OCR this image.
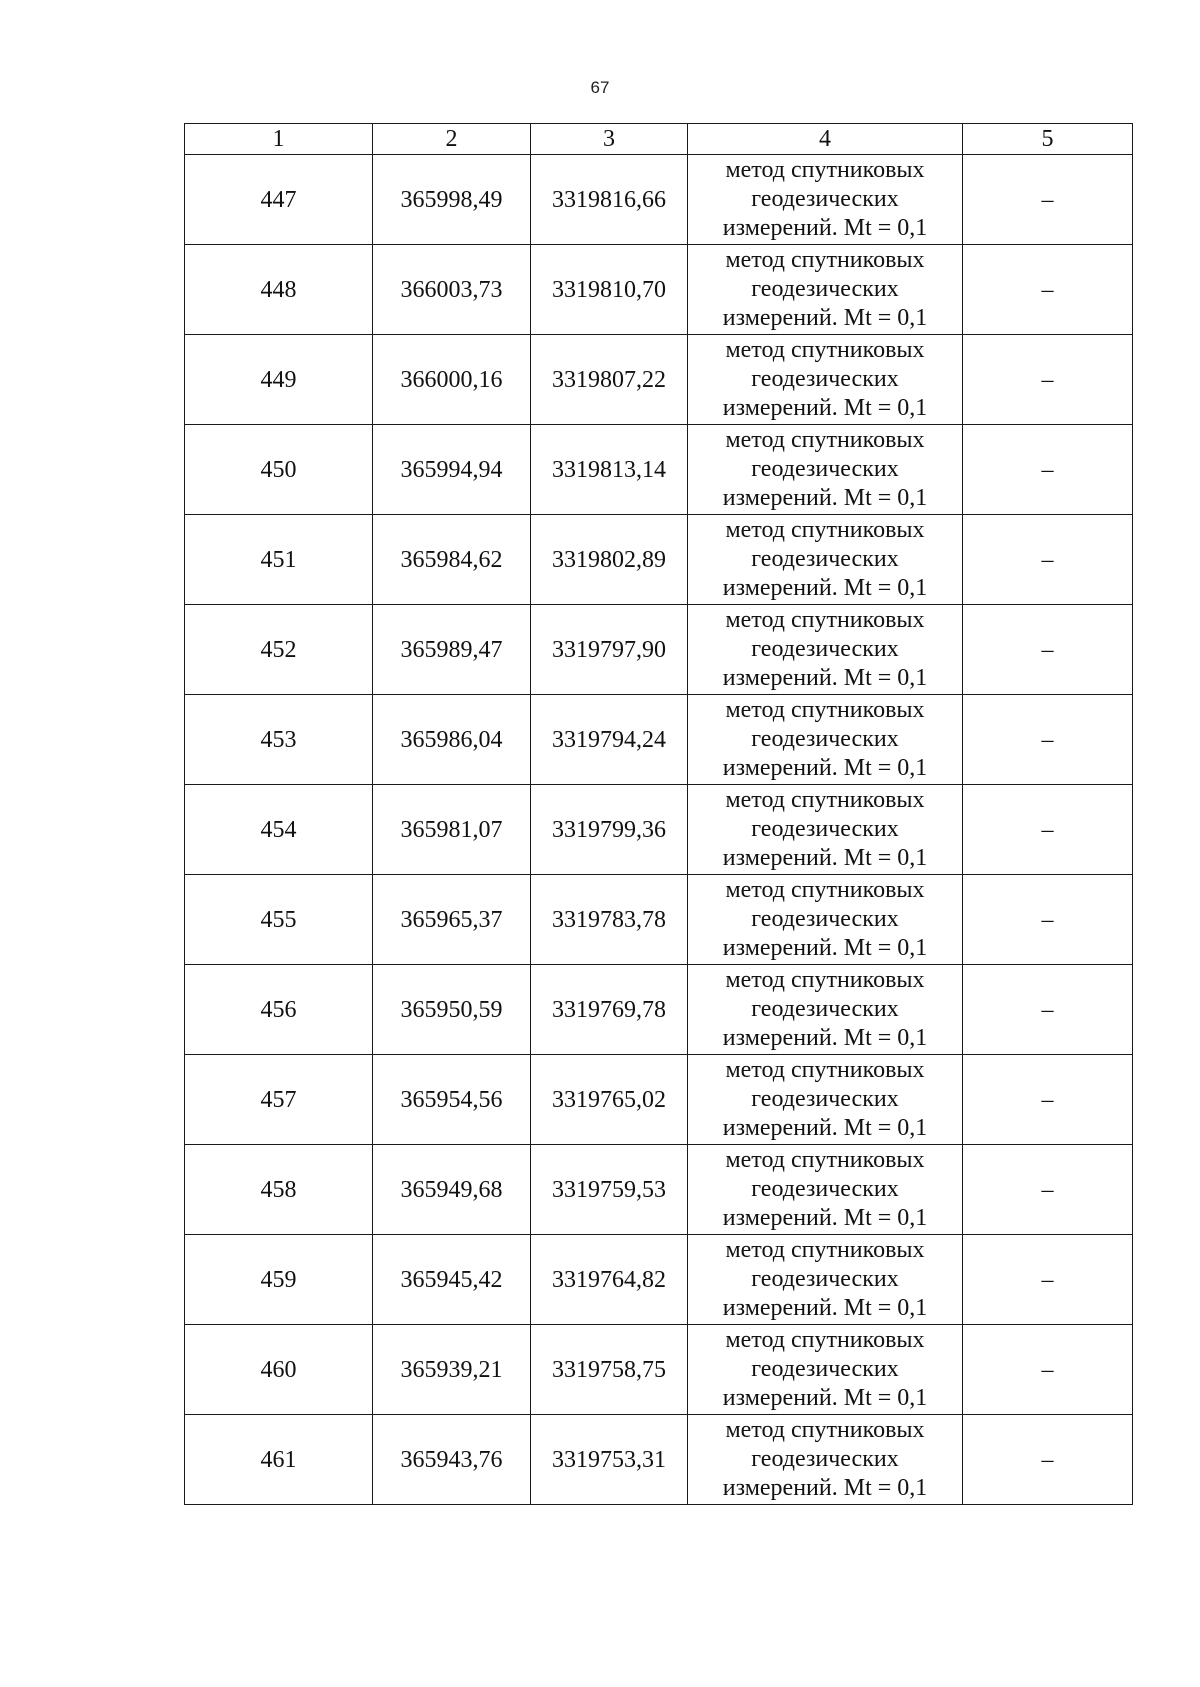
67
1	2	3	4	5
447	365998,49	3319816,66	метод спутниковых
геодезических
измерений. Mt = 0,1	–
448	366003,73	3319810,70	метод спутниковых
геодезических
измерений. Mt = 0,1	–
449	366000,16	3319807,22	метод спутниковых
геодезических
измерений. Mt = 0,1	–
450	365994,94	3319813,14	метод спутниковых
геодезических
измерений. Mt = 0,1	–
451	365984,62	3319802,89	метод спутниковых
геодезических
измерений. Mt = 0,1	–
452	365989,47	3319797,90	метод спутниковых
геодезических
измерений. Mt = 0,1	–
453	365986,04	3319794,24	метод спутниковых
геодезических
измерений. Mt = 0,1	–
454	365981,07	3319799,36	метод спутниковых
геодезических
измерений. Mt = 0,1	–
455	365965,37	3319783,78	метод спутниковых
геодезических
измерений. Mt = 0,1	–
456	365950,59	3319769,78	метод спутниковых
геодезических
измерений. Mt = 0,1	–
457	365954,56	3319765,02	метод спутниковых
геодезических
измерений. Mt = 0,1	–
458	365949,68	3319759,53	метод спутниковых
геодезических
измерений. Mt = 0,1	–
459	365945,42	3319764,82	метод спутниковых
геодезических
измерений. Mt = 0,1	–
460	365939,21	3319758,75	метод спутниковых
геодезических
измерений. Mt = 0,1	–
461	365943,76	3319753,31	метод спутниковых
геодезических
измерений. Mt = 0,1	–
